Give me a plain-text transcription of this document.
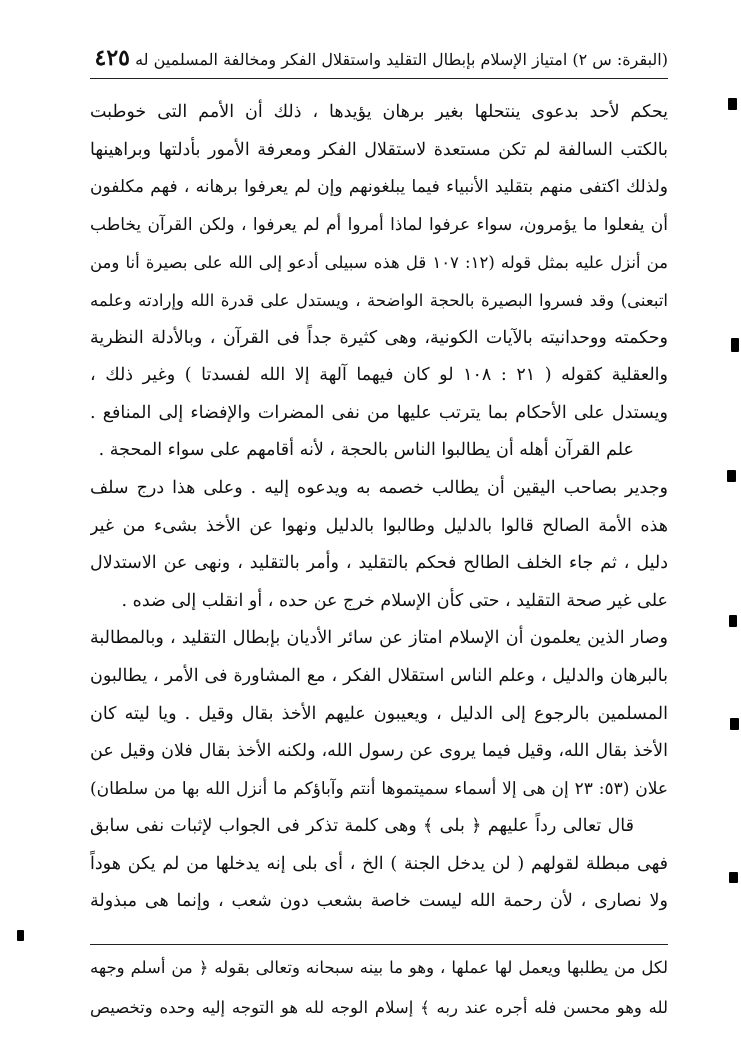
(البقرة: س ٢) امتياز الإسلام بإبطال التقليد واستقلال الفكر ومخالفة المسلمين له ٤٢٥
يحكم لأحد بدعوى ينتحلها بغير برهان يؤيدها ، ذلك أن الأمم التى خوطبت
بالكتب السالفة لم تكن مستعدة لاستقلال الفكر ومعرفة الأمور بأدلتها وبراهينها
ولذلك اكتفى منهم بتقليد الأنبياء فيما يبلغونهم وإن لم يعرفوا برهانه ، فهم مكلفون
أن يفعلوا ما يؤمرون، سواء عرفوا لماذا أمروا أم لم يعرفوا ، ولكن القرآن يخاطب
من أنزل عليه بمثل قوله (١٢: ١٠٧ قل هذه سبيلى أدعو إلى الله على بصيرة أنا ومن
اتبعنى) وقد فسروا البصيرة بالحجة الواضحة ، ويستدل على قدرة الله وإرادته وعلمه
وحكمته ووحدانيته بالآيات الكونية، وهى كثيرة جداً فى القرآن ، وبالأدلة النظرية
والعقلية كقوله ( ٢١ : ١٠٨ لو كان فيهما آلهة إلا الله لفسدتا ) وغير ذلك ،
ويستدل على الأحكام بما يترتب عليها من نفى المضرات والإفضاء إلى المنافع .
علم القرآن أهله أن يطالبوا الناس بالحجة ، لأنه أقامهم على سواء المحجة .
وجدير بصاحب اليقين أن يطالب خصمه به ويدعوه إليه . وعلى هذا درج سلف
هذه الأمة الصالح قالوا بالدليل وطالبوا بالدليل ونهوا عن الأخذ بشىء من غير
دليل ، ثم جاء الخلف الطالح فحكم بالتقليد ، وأمر بالتقليد ، ونهى عن الاستدلال
على غير صحة التقليد ، حتى كأن الإسلام خرج عن حده ، أو انقلب إلى ضده .
وصار الذين يعلمون أن الإسلام امتاز عن سائر الأديان بإبطال التقليد ، وبالمطالبة
بالبرهان والدليل ، وعلم الناس استقلال الفكر ، مع المشاورة فى الأمر ، يطالبون
المسلمين بالرجوع إلى الدليل ، ويعيبون عليهم الأخذ بقال وقيل . ويا ليته كان
الأخذ بقال الله، وقيل فيما يروى عن رسول الله، ولكنه الأخذ بقال فلان وقيل عن
علان (٥٣: ٢٣ إن هى إلا أسماء سميتموها أنتم وآباؤكم ما أنزل الله بها من سلطان)
قال تعالى رداً عليهم ﴿ بلى ﴾ وهى كلمة تذكر فى الجواب لإثبات نفى سابق
فهى مبطلة لقولهم ( لن يدخل الجنة ) الخ ، أى بلى إنه يدخلها من لم يكن هوداً
ولا نصارى ، لأن رحمة الله ليست خاصة بشعب دون شعب ، وإنما هى مبذولة
لكل من يطلبها ويعمل لها عملها ، وهو ما بينه سبحانه وتعالى بقوله ﴿ من أسلم وجهه
لله وهو محسن فله أجره عند ربه ﴾ إسلام الوجه لله هو التوجه إليه وحده وتخصيص
